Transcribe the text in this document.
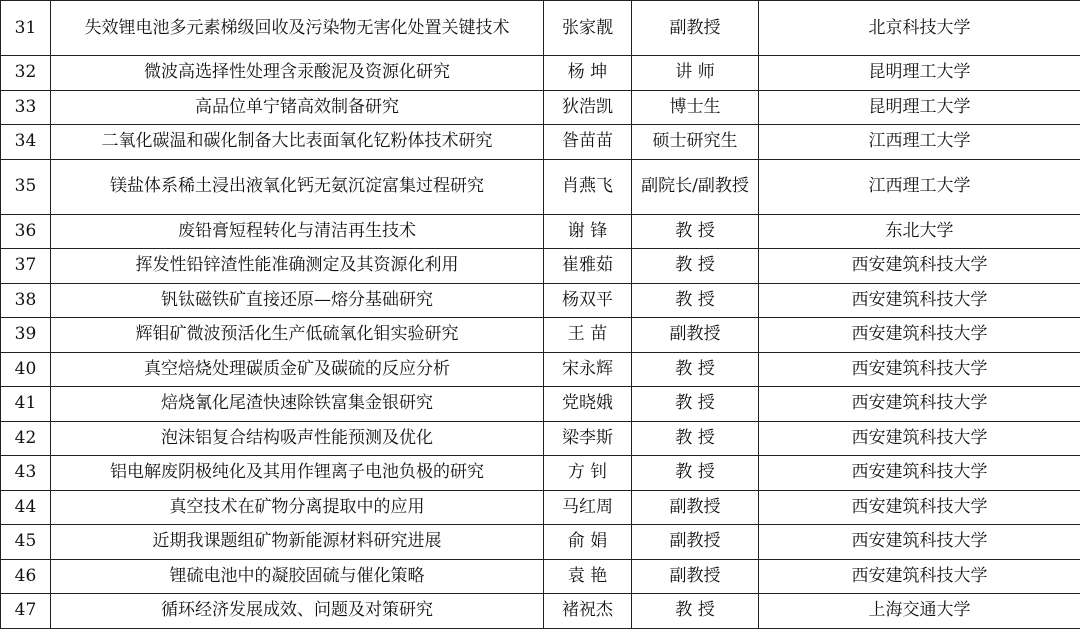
31	失效锂电池多元素梯级回收及污染物无害化处置关键技术	张家靓	副教授	北京科技大学
32	微波高选择性处理含汞酸泥及资源化研究	杨 坤	讲 师	昆明理工大学
33	高品位单宁锗高效制备研究	狄浩凯	博士生	昆明理工大学
34	二氧化碳温和碳化制备大比表面氧化钇粉体技术研究	昝苗苗	硕士研究生	江西理工大学
35	镁盐体系稀土浸出液氧化钙无氨沉淀富集过程研究	肖燕飞	副院长/副教授	江西理工大学
36	废铅膏短程转化与清洁再生技术	谢 锋	教 授	东北大学
37	挥发性铅锌渣性能准确测定及其资源化利用	崔雅茹	教 授	西安建筑科技大学
38	钒钛磁铁矿直接还原—熔分基础研究	杨双平	教 授	西安建筑科技大学
39	辉钼矿微波预活化生产低硫氧化钼实验研究	王 苗	副教授	西安建筑科技大学
40	真空焙烧处理碳质金矿及碳硫的反应分析	宋永辉	教 授	西安建筑科技大学
41	焙烧氰化尾渣快速除铁富集金银研究	党晓娥	教 授	西安建筑科技大学
42	泡沫铝复合结构吸声性能预测及优化	梁李斯	教 授	西安建筑科技大学
43	铝电解废阴极纯化及其用作锂离子电池负极的研究	方 钊	教 授	西安建筑科技大学
44	真空技术在矿物分离提取中的应用	马红周	副教授	西安建筑科技大学
45	近期我课题组矿物新能源材料研究进展	俞 娟	副教授	西安建筑科技大学
46	锂硫电池中的凝胶固硫与催化策略	袁 艳	副教授	西安建筑科技大学
47	循环经济发展成效、问题及对策研究	褚祝杰	教 授	上海交通大学
